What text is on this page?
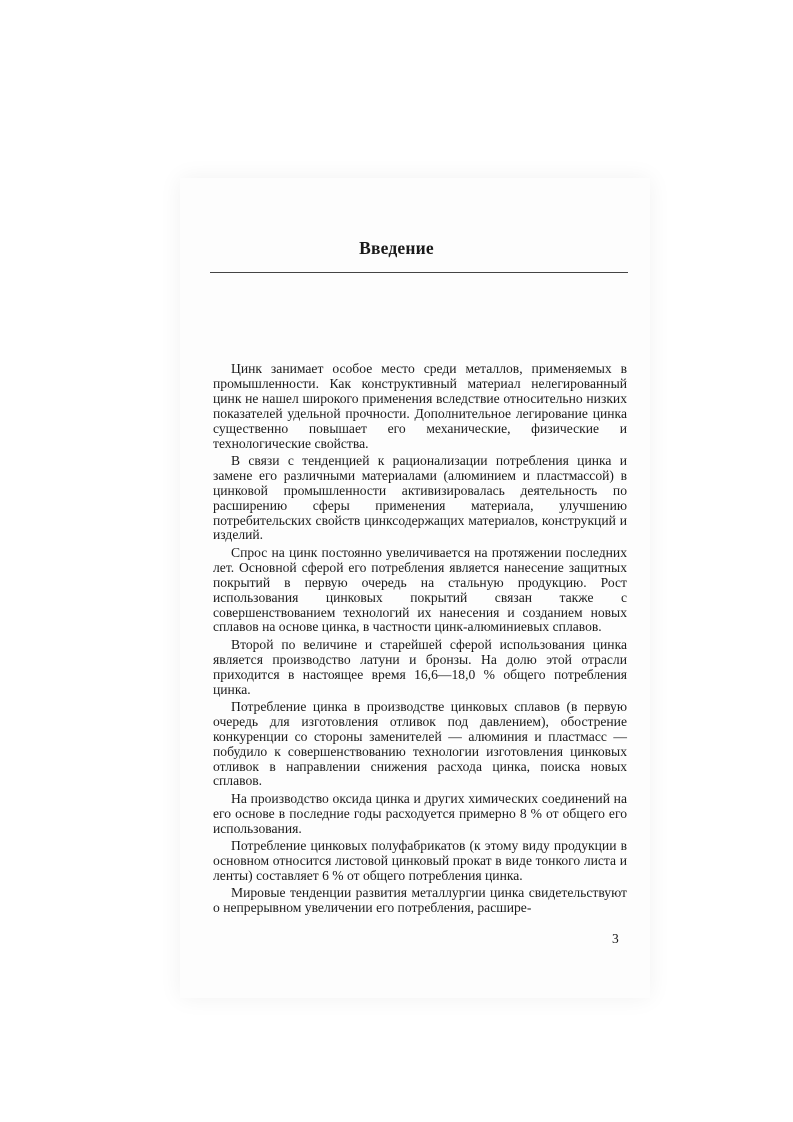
Введение

Цинк занимает особое место среди металлов, применяемых в промышленности. Как конструктивный материал нелегированный цинк не нашел широкого применения вследствие относительно низких показателей удельной прочности. Дополнительное легирование цинка существенно повышает его механические, физические и технологические свойства.

В связи с тенденцией к рационализации потребления цинка и замене его различными материалами (алюминием и пластмассой) в цинковой промышленности активизировалась деятельность по расширению сферы применения материала, улучшению потребительских свойств цинксодержащих материалов, конструкций и изделий.

Спрос на цинк постоянно увеличивается на протяжении последних лет. Основной сферой его потребления является нанесение защитных покрытий в первую очередь на стальную продукцию. Рост использования цинковых покрытий связан также с совершенствованием технологий их нанесения и созданием новых сплавов на основе цинка, в частности цинк-алюминиевых сплавов.

Второй по величине и старейшей сферой использования цинка является производство латуни и бронзы. На долю этой отрасли приходится в настоящее время 16,6—18,0 % общего потребления цинка.

Потребление цинка в производстве цинковых сплавов (в первую очередь для изготовления отливок под давлением), обострение конкуренции со стороны заменителей — алюминия и пластмасс — побудило к совершенствованию технологии изготовления цинковых отливок в направлении снижения расхода цинка, поиска новых сплавов.

На производство оксида цинка и других химических соединений на его основе в последние годы расходуется примерно 8 % от общего его использования.

Потребление цинковых полуфабрикатов (к этому виду продукции в основном относится листовой цинковый прокат в виде тонкого листа и ленты) составляет 6 % от общего потребления цинка.

Мировые тенденции развития металлургии цинка свидетельствуют о непрерывном увеличении его потребления, расшире-

3
